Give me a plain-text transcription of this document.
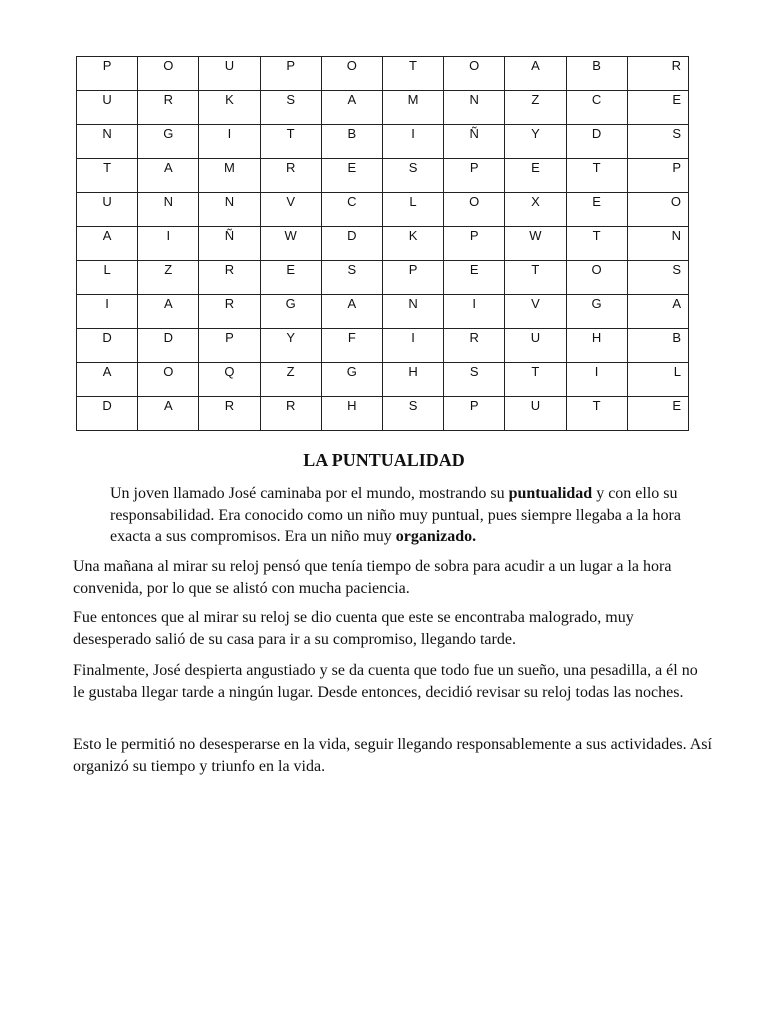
P	O	U	P	O	T	O	A	B	R
U	R	K	S	A	M	N	Z	C	E
N	G	I	T	B	I	Ñ	Y	D	S
T	A	M	R	E	S	P	E	T	P
U	N	N	V	C	L	O	X	E	O
A	I	Ñ	W	D	K	P	W	T	N
L	Z	R	E	S	P	E	T	O	S
I	A	R	G	A	N	I	V	G	A
D	D	P	Y	F	I	R	U	H	B
A	O	Q	Z	G	H	S	T	I	L
D	A	R	R	H	S	P	U	T	E
LA PUNTUALIDAD

Un joven llamado José caminaba por el mundo, mostrando su puntualidad y con ello su responsabilidad. Era conocido como un niño muy puntual, pues siempre llegaba a la hora exacta a sus compromisos. Era un niño muy organizado.

Una mañana al mirar su reloj pensó que tenía tiempo de sobra para acudir a un lugar a la hora convenida, por lo que se alistó con mucha paciencia.

Fue entonces que al mirar su reloj se dio cuenta que este se encontraba malogrado, muy desesperado salió de su casa para ir a su compromiso, llegando tarde.

Finalmente, José despierta angustiado y se da cuenta que todo fue un sueño, una pesadilla, a él no le gustaba llegar tarde a ningún lugar. Desde entonces, decidió revisar su reloj todas las noches.

Esto le permitió no desesperarse en la vida, seguir llegando responsablemente a sus actividades. Así organizó su tiempo y triunfo en la vida.
